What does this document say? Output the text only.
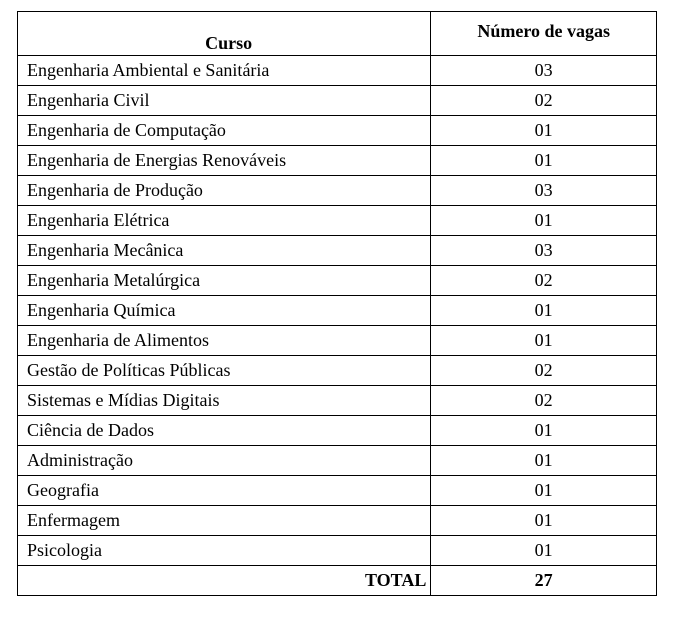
Curso	Número de vagas
Engenharia Ambiental e Sanitária	03
Engenharia Civil	02
Engenharia de Computação	01
Engenharia de Energias Renováveis	01
Engenharia de Produção	03
Engenharia Elétrica	01
Engenharia Mecânica	03
Engenharia Metalúrgica	02
Engenharia Química	01
Engenharia de Alimentos	01
Gestão de Políticas Públicas	02
Sistemas e Mídias Digitais	02
Ciência de Dados	01
Administração	01
Geografia	01
Enfermagem	01
Psicologia	01
TOTAL	27
